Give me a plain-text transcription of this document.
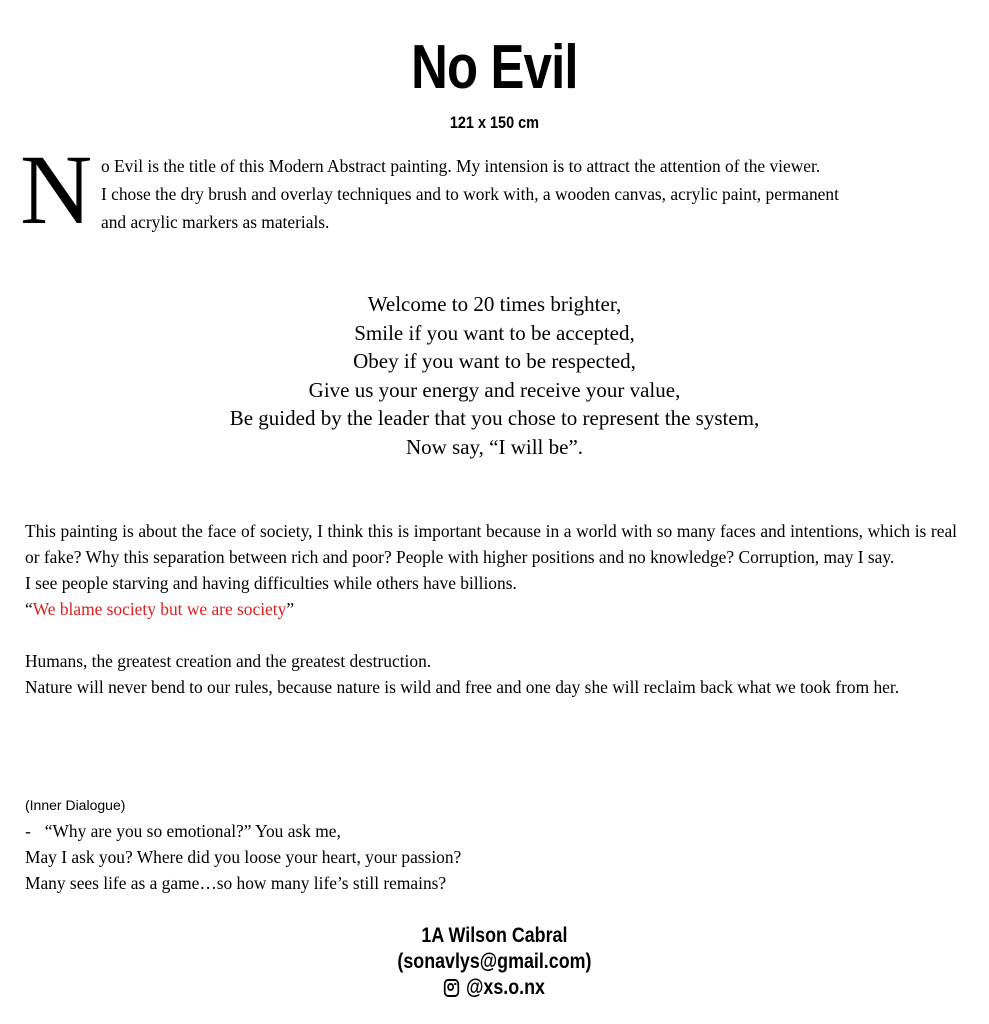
No Evil
121 x 150 cm
N o Evil is the title of this Modern Abstract painting. My intension is to attract the attention of the viewer.

I chose the dry brush and overlay techniques and to work with, a wooden canvas, acrylic paint, permanent

and acrylic markers as materials.

Welcome to 20 times brighter,

Smile if you want to be accepted,

Obey if you want to be respected,

Give us your energy and receive your value,

Be guided by the leader that you chose to represent the system,

Now say, “I will be”.

This painting is about the face of society, I think this is important because in a world with so many faces and intentions, which is real or fake? Why this separation between rich and poor? People with higher positions and no knowledge? Corruption, may I say.

I see people starving and having difficulties while others have billions.

“We blame society but we are society”

Humans, the greatest creation and the greatest destruction.

Nature will never bend to our rules, because nature is wild and free and one day she will reclaim back what we took from her.

(Inner Dialogue)

- “Why are you so emotional?” You ask me,

May I ask you? Where did you loose your heart, your passion?

Many sees life as a game…so how many life’s still remains?

1A Wilson Cabral
(sonavlys@gmail.com)
@xs.o.nx
